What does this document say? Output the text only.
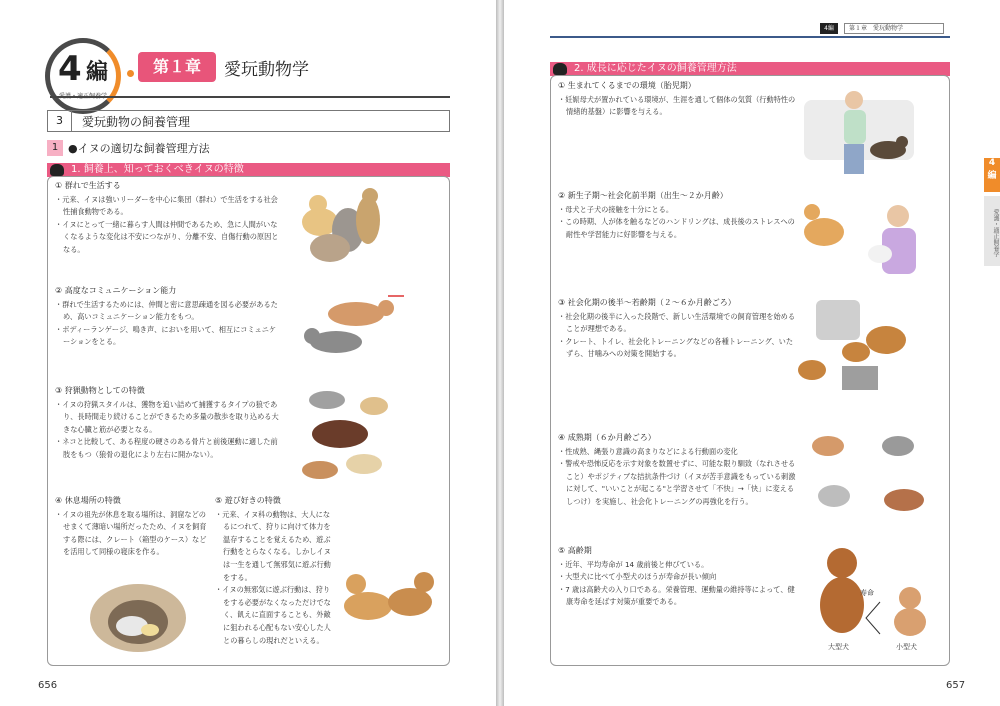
4 編	第１章	愛玩動物学
3	愛玩動物の飼養管理
1 ●イヌの適切な飼養管理方法
1. 飼養上、知っておくべきイヌの特徴
① 群れで生活する
・元来、イヌは強いリーダーを中心に集団（群れ）で生活をする社会性捕食動物である。
・イヌにとって一緒に暮らす人間は仲間であるため、急に人間がいなくなるような変化は不安につながり、分離不安、自傷行動の原因となる。
② 高度なコミュニケーション能力
・群れで生活するためには、仲間と密に意思疎通を図る必要があるため、高いコミュニケーション能力をもつ。
・ボディーランゲージ、鳴き声、においを用いて、相互にコミュニケーションをとる。
③ 狩猟動物としての特徴
・イヌの狩猟スタイルは、獲物を追い詰めて捕獲するタイプの狼であり、長時間走り続けることができるため多量の散歩を取り込める大きな心臓と筋が必要となる。
・ネコと比較して、ある程度の硬さのある骨片と前後運動に適した前肢をもつ（狼骨の退化により左右に開かない）。
④ 休息場所の特徴
・イヌの祖先が休息を取る場所は、洞窟などのせまくて薄暗い場所だったため、イヌを飼育する際には、クレート（箱型のケース）などを活用して同様の寝床を作る。
⑤ 遊び好きの特徴
・元来、イヌ科の動物は、大人になるにつれて、狩りに向けて体力を温存することを覚えるため、遊ぶ行動をとらなくなる。しかしイヌは一生を通して無邪気に遊ぶ行動をする。
・イヌの無邪気に遊ぶ行動は、狩りをする必要がなくなっただけでなく、飢えに直面することも、外敵に狙われる心配もない安心した人との暮らしの現れだといえる。
656
4編	第１章　愛玩動物学
4
編
愛護・適正飼養学
2. 成長に応じたイヌの飼養管理方法
① 生まれてくるまでの環境（胎児期）
・妊娠母犬が置かれている環境が、生涯を通して個体の気質（行動特性の情緒的基盤）に影響を与える。
② 新生子期～社会化前半期（出生～２か月齢）
・母犬と子犬の接触を十分にとる。
・この時期、人が体を触るなどのハンドリングは、成長後のストレスへの耐性や学習能力に好影響を与える。
③ 社会化期の後半～若齢期（２～６か月齢ごろ）
・社会化期の後半に入った段階で、新しい生活環境での飼育管理を始めることが理想である。
・クレート、トイレ、社会化トレーニングなどの各種トレーニング、いたずら、甘噛みへの対策を開始する。
④ 成熟期（６か月齢ごろ）
・性成熟、縄張り意識の高まりなどによる行動面の変化
・警戒や恐怖反応を示す対象を数置せずに、可能な限り馴致（なれさせること）やポジティブな拮抗条件づけ（イヌが苦手意識をもっている刺激に対して、"いいことが起こる"と学習させて「不快」→「快」に変えるしつけ）を実施し、社会化トレーニングの再強化を行う。
⑤ 高齢期
・近年、平均寿命が 14 歳前後と伸びている。
・大型犬に比べて小型犬のほうが寿命が長い傾向
・7 歳は高齢犬の入り口である。栄養管理、運動量の維持等によって、健康寿命を延ばす対策が重要である。
大型犬
寿命
小型犬
657
